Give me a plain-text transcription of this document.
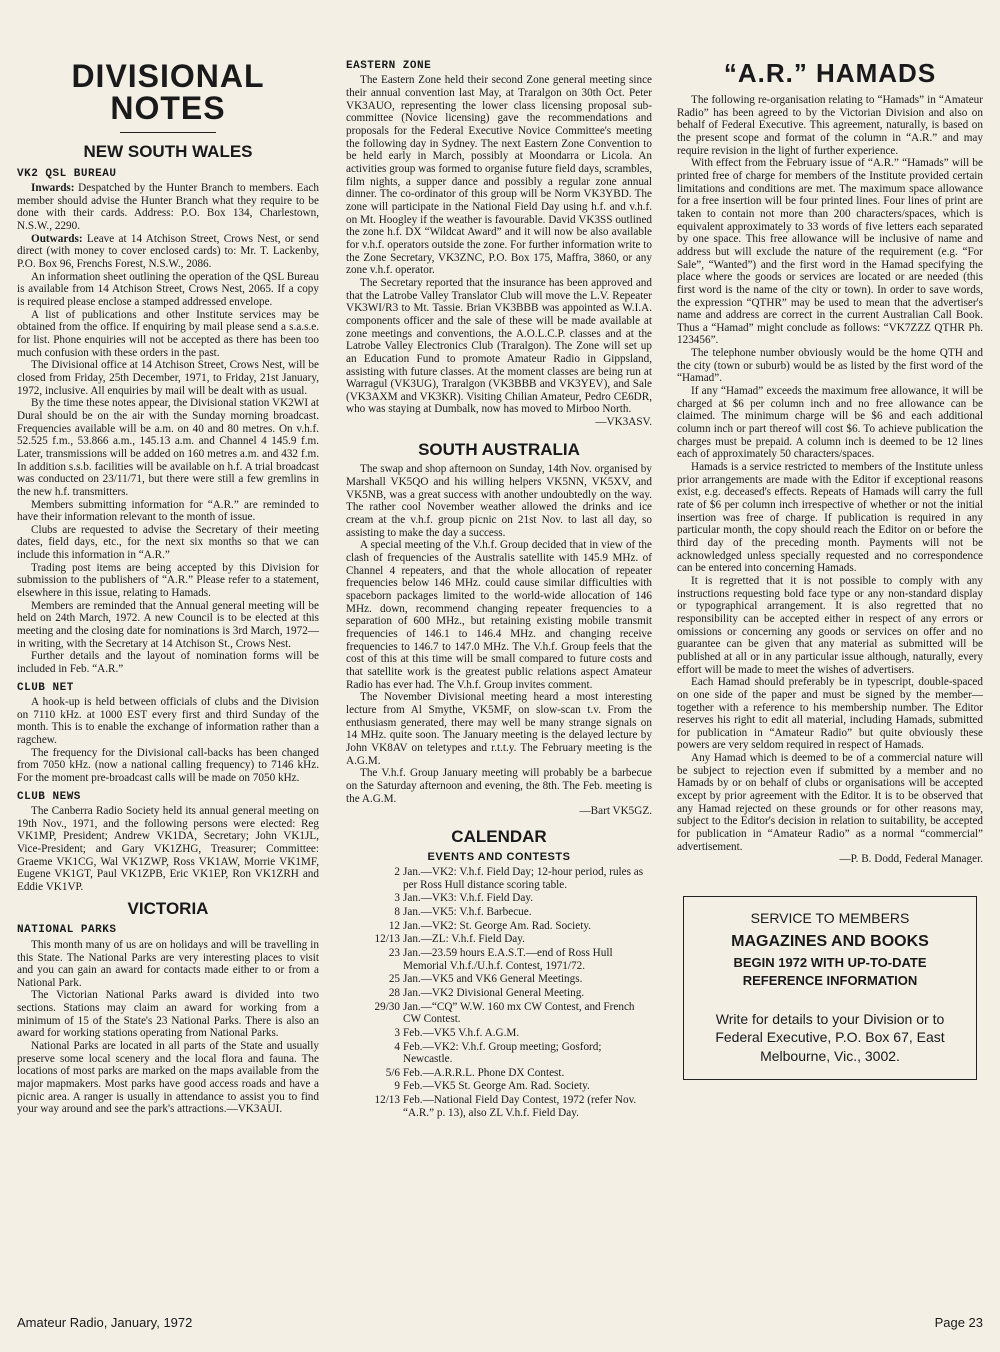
DIVISIONAL NOTES
NEW SOUTH WALES
VK2 QSL BUREAU

Inwards: Despatched by the Hunter Branch to members. Each member should advise the Hunter Branch what they require to be done with their cards. Address: P.O. Box 134, Charlestown, N.S.W., 2290.

Outwards: Leave at 14 Atchison Street, Crows Nest, or send direct (with money to cover enclosed cards) to: Mr. T. Lackenby, P.O. Box 96, Frenchs Forest, N.S.W., 2086.

An information sheet outlining the operation of the QSL Bureau is available from 14 Atchison Street, Crows Nest, 2065. If a copy is required please enclose a stamped addressed envelope.

A list of publications and other Institute services may be obtained from the office. If enquiring by mail please send a s.a.s.e. for list. Phone enquiries will not be accepted as there has been too much confusion with these orders in the past.

The Divisional office at 14 Atchison Street, Crows Nest, will be closed from Friday, 25th December, 1971, to Friday, 21st January, 1972, inclusive. All enquiries by mail will be dealt with as usual.

By the time these notes appear, the Divisional station VK2WI at Dural should be on the air with the Sunday morning broadcast. Frequencies available will be a.m. on 40 and 80 metres. On v.h.f. 52.525 f.m., 53.866 a.m., 145.13 a.m. and Channel 4 145.9 f.m. Later, transmissions will be added on 160 metres a.m. and 432 f.m. In addition s.s.b. facilities will be available on h.f. A trial broadcast was conducted on 23/11/71, but there were still a few gremlins in the new h.f. transmitters.

Members submitting information for “A.R.” are reminded to have their information relevant to the month of issue.

Clubs are requested to advise the Secretary of their meeting dates, field days, etc., for the next six months so that we can include this information in “A.R.”

Trading post items are being accepted by this Division for submission to the publishers of “A.R.” Please refer to a statement, elsewhere in this issue, relating to Hamads.

Members are reminded that the Annual general meeting will be held on 24th March, 1972. A new Council is to be elected at this meeting and the closing date for nominations is 3rd March, 1972—in writing, with the Secretary at 14 Atchison St., Crows Nest.

Further details and the layout of nomination forms will be included in Feb. “A.R.”

CLUB NET

A hook-up is held between officials of clubs and the Division on 7110 kHz. at 1000 EST every first and third Sunday of the month. This is to enable the exchange of information rather than a ragchew.

The frequency for the Divisional call-backs has been changed from 7050 kHz. (now a national calling frequency) to 7146 kHz. For the moment pre-broadcast calls will be made on 7050 kHz.

CLUB NEWS

The Canberra Radio Society held its annual general meeting on 19th Nov., 1971, and the following persons were elected: Reg VK1MP, President; Andrew VK1DA, Secretary; John VK1JL, Vice-President; and Gary VK1ZHG, Treasurer; Committee: Graeme VK1CG, Wal VK1ZWP, Ross VK1AW, Morrie VK1MF, Eugene VK1GT, Paul VK1ZPB, Eric VK1EP, Ron VK1ZRH and Eddie VK1VP.

VICTORIA
NATIONAL PARKS

This month many of us are on holidays and will be travelling in this State. The National Parks are very interesting places to visit and you can gain an award for contacts made either to or from a National Park.

The Victorian National Parks award is divided into two sections. Stations may claim an award for working from a minimum of 15 of the State's 23 National Parks. There is also an award for working stations operating from National Parks.

National Parks are located in all parts of the State and usually preserve some local scenery and the local flora and fauna. The locations of most parks are marked on the maps available from the major mapmakers. Most parks have good access roads and have a picnic area. A ranger is usually in attendance to assist you to find your way around and see the park's attractions.—VK3AUI.

EASTERN ZONE

The Eastern Zone held their second Zone general meeting since their annual convention last May, at Traralgon on 30th Oct. Peter VK3AUO, representing the lower class licensing proposal sub-committee (Novice licensing) gave the recommendations and proposals for the Federal Executive Novice Committee's meeting the following day in Sydney. The next Eastern Zone Convention to be held early in March, possibly at Moondarra or Licola. An activities group was formed to organise future field days, scrambles, film nights, a supper dance and possibly a regular zone annual dinner. The co-ordinator of this group will be Norm VK3YBD. The zone will participate in the National Field Day using h.f. and v.h.f. on Mt. Hoogley if the weather is favourable. David VK3SS outlined the zone h.f. DX “Wildcat Award” and it will now be also available for v.h.f. operators outside the zone. For further information write to the Zone Secretary, VK3ZNC, P.O. Box 175, Maffra, 3860, or any zone v.h.f. operator.

The Secretary reported that the insurance has been approved and that the Latrobe Valley Translator Club will move the L.V. Repeater VK3WI/R3 to Mt. Tassie. Brian VK3BBB was appointed as W.I.A. components officer and the sale of these will be made available at zone meetings and conventions, the A.O.L.C.P. classes and at the Latrobe Valley Electronics Club (Traralgon). The Zone will set up an Education Fund to promote Amateur Radio in Gippsland, assisting with future classes. At the moment classes are being run at Warragul (VK3UG), Traralgon (VK3BBB and VK3YEV), and Sale (VK3AXM and VK3KR). Visiting Chilian Amateur, Pedro CE6DR, who was staying at Dumbalk, now has moved to Mirboo North.

—VK3ASV.

SOUTH AUSTRALIA

The swap and shop afternoon on Sunday, 14th Nov. organised by Marshall VK5QO and his willing helpers VK5NN, VK5XV, and VK5NB, was a great success with another undoubtedly on the way. The rather cool November weather allowed the drinks and ice cream at the v.h.f. group picnic on 21st Nov. to last all day, so assisting to make the day a success.

A special meeting of the V.h.f. Group decided that in view of the clash of frequencies of the Australis satellite with 145.9 MHz. of Channel 4 repeaters, and that the whole allocation of repeater frequencies below 146 MHz. could cause similar difficulties with spaceborn packages limited to the world-wide allocation of 146 MHz. down, recommend changing repeater frequencies to a separation of 600 MHz., but retaining existing mobile transmit frequencies of 146.1 to 146.4 MHz. and changing receive frequencies to 146.7 to 147.0 MHz. The V.h.f. Group feels that the cost of this at this time will be small compared to future costs and that satellite work is the greatest public relations aspect Amateur Radio has ever had. The V.h.f. Group invites comment.

The November Divisional meeting heard a most interesting lecture from Al Smythe, VK5MF, on slow-scan t.v. From the enthusiasm generated, there may well be many strange signals on 14 MHz. quite soon. The January meeting is the delayed lecture by John VK8AV on teletypes and r.t.t.y. The February meeting is the A.G.M.

The V.h.f. Group January meeting will probably be a barbecue on the Saturday afternoon and evening, the 8th. The Feb. meeting is the A.G.M.

—Bart VK5GZ.

CALENDAR
EVENTS AND CONTESTS
2 Jan.—VK2: V.h.f. Field Day; 12-hour period, rules as per Ross Hull distance scoring table.
3 Jan.—VK3: V.h.f. Field Day.
8 Jan.—VK5: V.h.f. Barbecue.
12 Jan.—VK2: St. George Am. Rad. Society.
12/13 Jan.—ZL: V.h.f. Field Day.
23 Jan.—23.59 hours E.A.S.T.—end of Ross Hull Memorial V.h.f./U.h.f. Contest, 1971/72.
25 Jan.—VK5 and VK6 General Meetings.
28 Jan.—VK2 Divisional General Meeting.
29/30 Jan.—“CQ” W.W. 160 mx CW Contest, and French CW Contest.
3 Feb.—VK5 V.h.f. A.G.M.
4 Feb.—VK2: V.h.f. Group meeting; Gosford; Newcastle.
5/6 Feb.—A.R.R.L. Phone DX Contest.
9 Feb.—VK5 St. George Am. Rad. Society.
12/13 Feb.—National Field Day Contest, 1972 (refer Nov. “A.R.” p. 13), also ZL V.h.f. Field Day.
“A.R.” HAMADS

The following re-organisation relating to “Hamads” in “Amateur Radio” has been agreed to by the Victorian Division and also on behalf of Federal Executive. This agreement, naturally, is based on the present scope and format of the column in “A.R.” and may require revision in the light of further experience.

With effect from the February issue of “A.R.” “Hamads” will be printed free of charge for members of the Institute provided certain limitations and conditions are met. The maximum space allowance for a free insertion will be four printed lines. Four lines of print are taken to contain not more than 200 characters/spaces, which is equivalent approximately to 33 words of five letters each separated by one space. This free allowance will be inclusive of name and address but will exclude the nature of the requirement (e.g. “For Sale”, “Wanted”) and the first word in the Hamad specifying the place where the goods or services are located or are needed (this first word is the name of the city or town). In order to save words, the expression “QTHR” may be used to mean that the advertiser's name and address are correct in the current Australian Call Book. Thus a “Hamad” might conclude as follows: “VK7ZZZ QTHR Ph. 123456”.

The telephone number obviously would be the home QTH and the city (town or suburb) would be as listed by the first word of the “Hamad”.

If any “Hamad” exceeds the maximum free allowance, it will be charged at $6 per column inch and no free allowance can be claimed. The minimum charge will be $6 and each additional column inch or part thereof will cost $6. To achieve publication the charges must be prepaid. A column inch is deemed to be 12 lines each of approximately 50 characters/spaces.

Hamads is a service restricted to members of the Institute unless prior arrangements are made with the Editor if exceptional reasons exist, e.g. deceased's effects. Repeats of Hamads will carry the full rate of $6 per column inch irrespective of whether or not the initial insertion was free of charge. If publication is required in any particular month, the copy should reach the Editor on or before the third day of the preceding month. Payments will not be acknowledged unless specially requested and no correspondence can be entered into concerning Hamads.

It is regretted that it is not possible to comply with any instructions requesting bold face type or any non-standard display or typographical arrangement. It is also regretted that no responsibility can be accepted either in respect of any errors or omissions or concerning any goods or services on offer and no guarantee can be given that any material as submitted will be published at all or in any particular issue although, naturally, every effort will be made to meet the wishes of advertisers.

Each Hamad should preferably be in typescript, double-spaced on one side of the paper and must be signed by the member—together with a reference to his membership number. The Editor reserves his right to edit all material, including Hamads, submitted for publication in “Amateur Radio” but quite obviously these powers are very seldom required in respect of Hamads.

Any Hamad which is deemed to be of a commercial nature will be subject to rejection even if submitted by a member and no Hamads by or on behalf of clubs or organisations will be accepted except by prior agreement with the Editor. It is to be observed that any Hamad rejected on these grounds or for other reasons may, subject to the Editor's decision in relation to suitability, be accepted for publication in “Amateur Radio” as a normal “commercial” advertisement.

—P. B. Dodd, Federal Manager.

SERVICE TO MEMBERS
MAGAZINES AND BOOKS
BEGIN 1972 WITH UP-TO-DATE
REFERENCE INFORMATION
Write for details to your Division or to Federal Executive, P.O. Box 67, East Melbourne, Vic., 3002.
Amateur Radio, January, 1972	Page 23
